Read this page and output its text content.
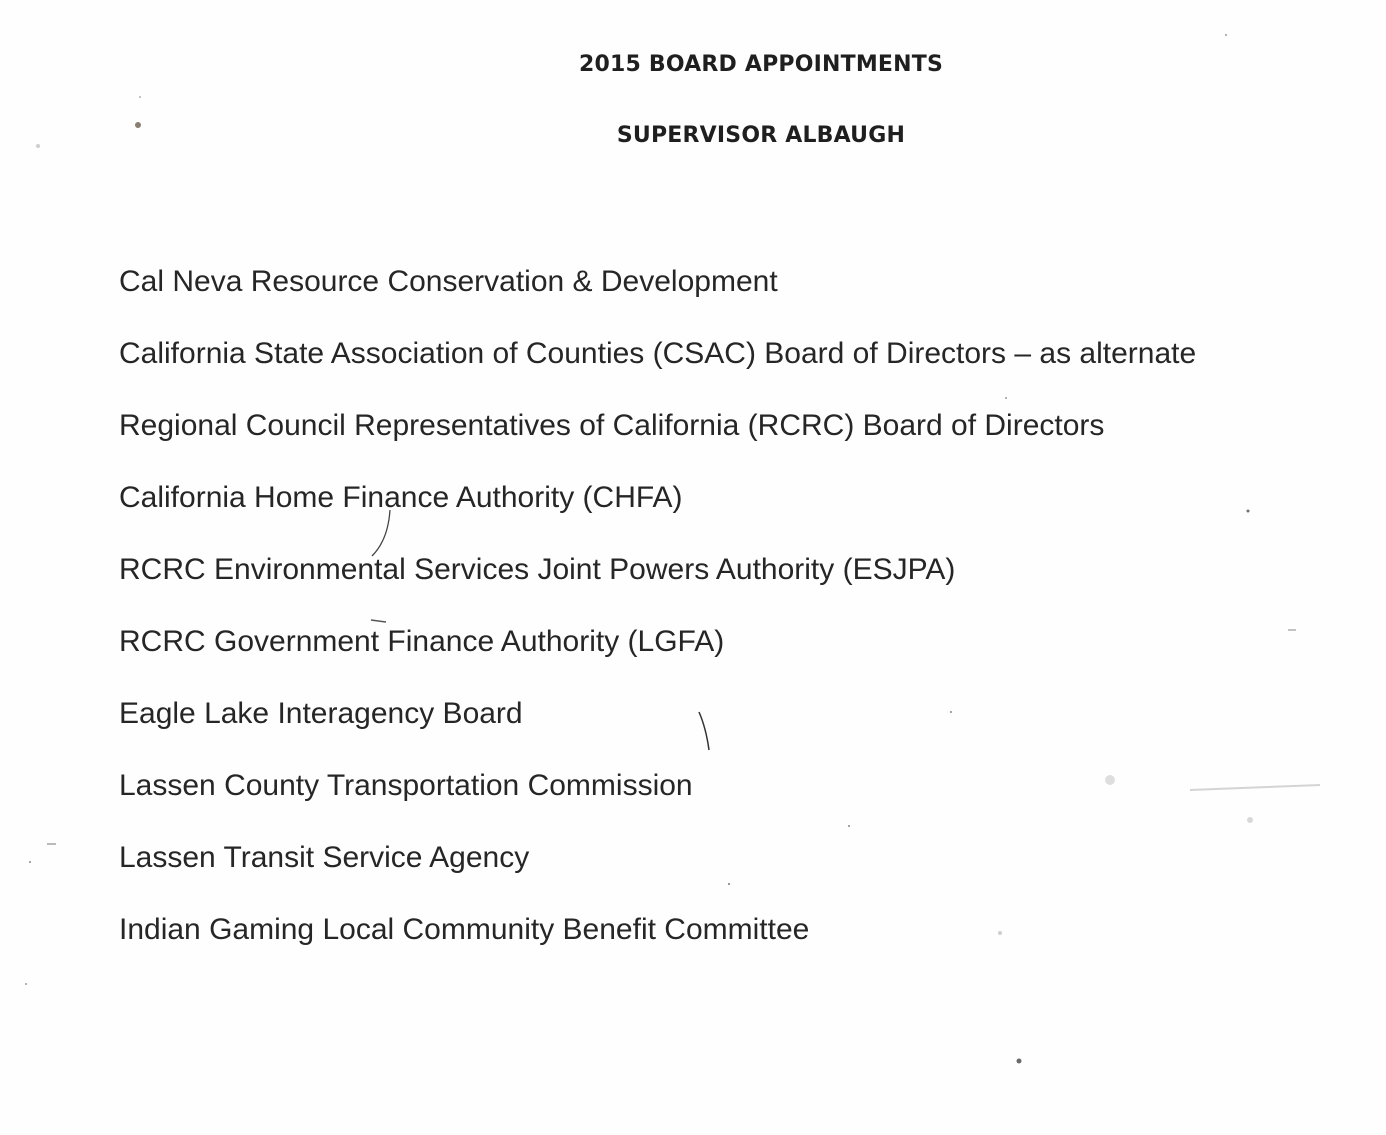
2015 BOARD APPOINTMENTS
SUPERVISOR ALBAUGH
Cal Neva Resource Conservation & Development
California State Association of Counties (CSAC) Board of Directors – as alternate
Regional Council Representatives of California (RCRC) Board of Directors
California Home Finance Authority (CHFA)
RCRC Environmental Services Joint Powers Authority (ESJPA)
RCRC Government Finance Authority (LGFA)
Eagle Lake Interagency Board
Lassen County Transportation Commission
Lassen Transit Service Agency
Indian Gaming Local Community Benefit Committee
